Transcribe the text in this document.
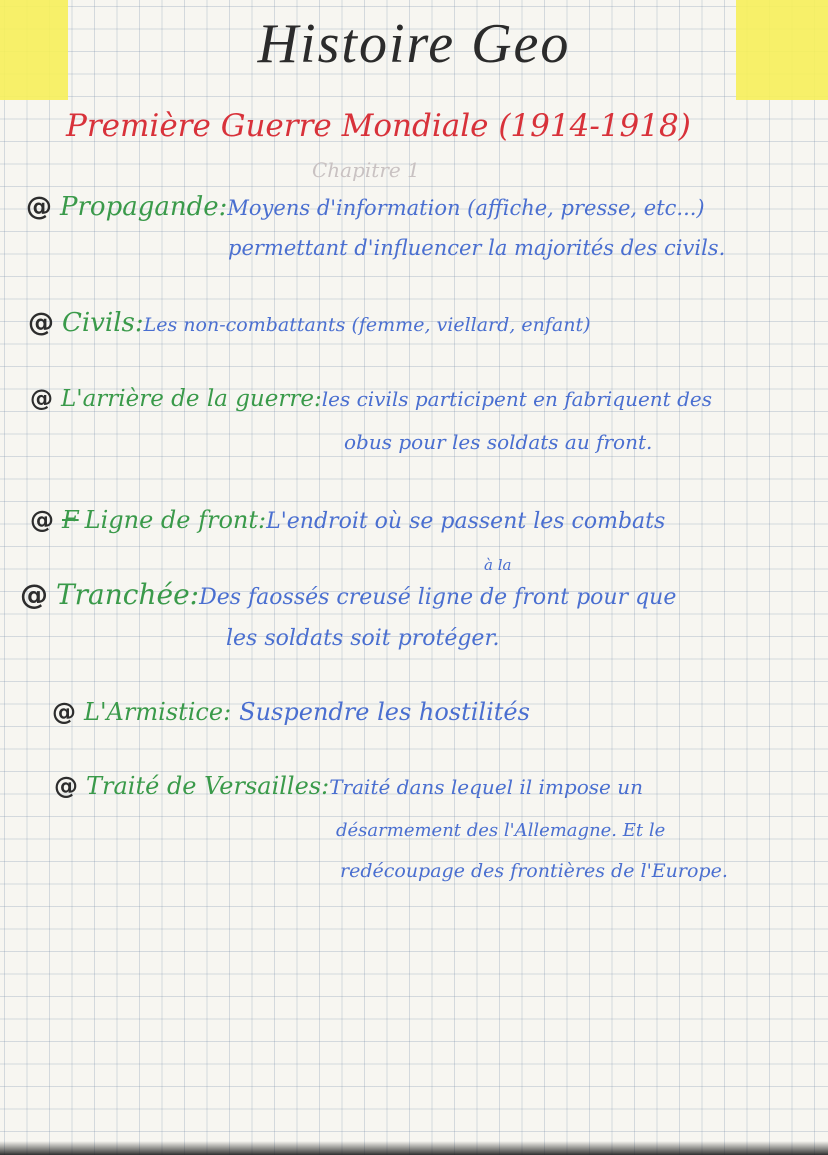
Histoire Geo
Première Guerre Mondiale (1914-1918)
Chapitre 1
@ Propagande:Moyens d'information (affiche, presse, etc...)
permettant d'influencer la majorités des civils.
@ Civils:Les non-combattants (femme, viellard, enfant)
@ L'arrière de la guerre:les civils participent en fabriquent des
obus pour les soldats au front.
@ F Ligne de front:L'endroit où se passent les combats
à la
@ Tranchée:Des faossés creusé ligne de front pour que
les soldats soit protéger.
@ L'Armistice: Suspendre les hostilités
@ Traité de Versailles:Traité dans lequel il impose un
désarmement des l'Allemagne. Et le
redécoupage des frontières de l'Europe.
